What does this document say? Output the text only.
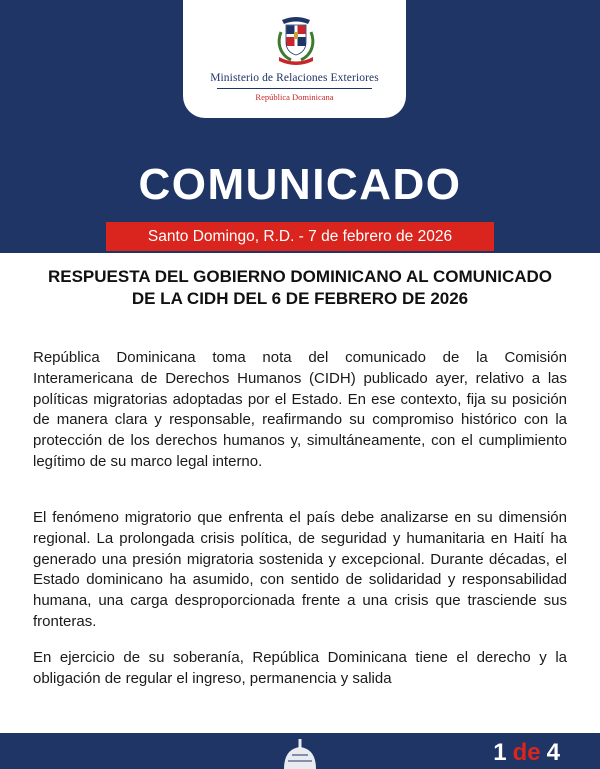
Ministerio de Relaciones Exteriores
República Dominicana
COMUNICADO
Santo Domingo, R.D. - 7 de febrero de 2026
RESPUESTA DEL GOBIERNO DOMINICANO AL COMUNICADO DE LA CIDH DEL 6 DE FEBRERO DE 2026

República Dominicana toma nota del comunicado de la Comisión Interamericana de Derechos Humanos (CIDH) publicado ayer, relativo a las políticas migratorias adoptadas por el Estado. En ese contexto, fija su posición de manera clara y responsable, reafirmando su compromiso histórico con la protección de los derechos humanos y, simultáneamente, con el cumplimiento legítimo de su marco legal interno.

El fenómeno migratorio que enfrenta el país debe analizarse en su dimensión regional. La prolongada crisis política, de seguridad y humanitaria en Haití ha generado una presión migratoria sostenida y excepcional. Durante décadas, el Estado dominicano ha asumido, con sentido de solidaridad y responsabilidad humana, una carga desproporcionada frente a una crisis que trasciende sus fronteras.

En ejercicio de su soberanía, República Dominicana tiene el derecho y la obligación de regular el ingreso, permanencia y salida

1 de 4
